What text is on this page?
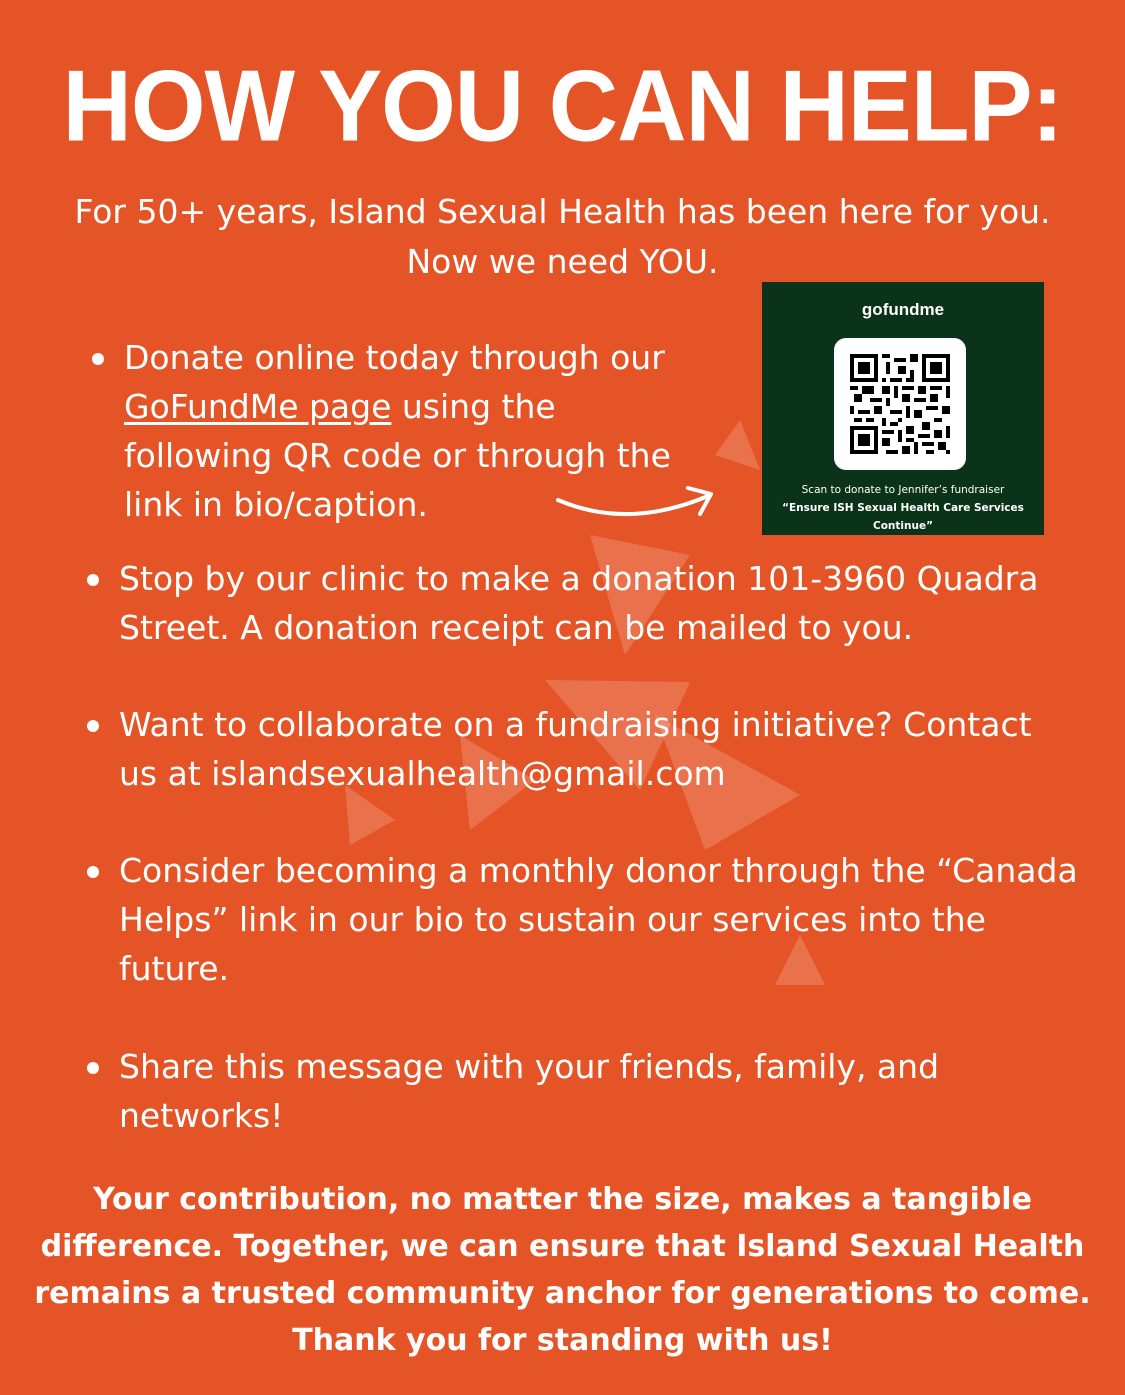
HOW YOU CAN HELP:
For 50+ years, Island Sexual Health has been here for you.
Now we need YOU.
Donate online today through our GoFundMe page using the following QR code or through the link in bio/caption.
gofundme
Scan to donate to Jennifer’s fundraiser
“Ensure ISH Sexual Health Care Services Continue”
Stop by our clinic to make a donation 101-3960 Quadra Street. A donation receipt can be mailed to you.
Want to collaborate on a fundraising initiative? Contact us at islandsexualhealth@gmail.com
Consider becoming a monthly donor through the “Canada Helps” link in our bio to sustain our services into the future.
Share this message with your friends, family, and networks!
Your contribution, no matter the size, makes a tangible difference. Together, we can ensure that Island Sexual Health remains a trusted community anchor for generations to come. Thank you for standing with us!
